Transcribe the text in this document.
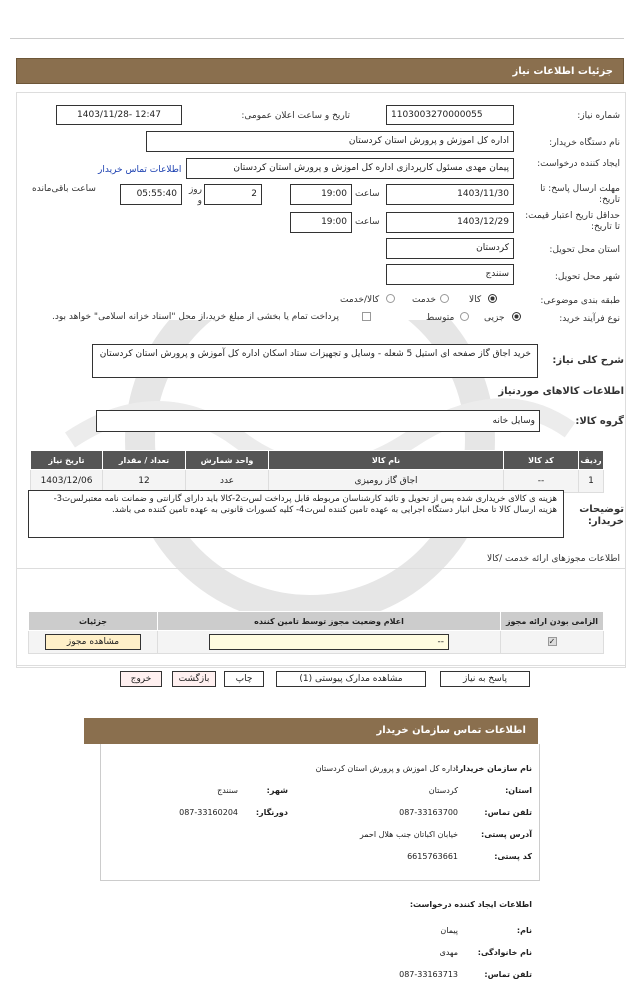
جزئیات اطلاعات نیاز
شماره نیاز:
1103003270000055
تاریخ و ساعت اعلان عمومی:
1403/11/28- 12:47
نام دستگاه خریدار:
اداره کل اموزش و پرورش استان کردستان
ایجاد کننده درخواست:
پیمان مهدی مسئول کارپردازی اداره کل اموزش و پرورش استان کردستان
اطلاعات تماس خریدار
مهلت ارسال پاسخ: تا تاریخ:
1403/11/30
ساعت
19:00
2
روز و
05:55:40
ساعت باقی‌مانده
حداقل تاریخ اعتبار قیمت: تا تاریخ:
1403/12/29
ساعت
19:00
استان محل تحویل:
کردستان
شهر محل تحویل:
سنندج
طبقه بندی موضوعی:
کالا
خدمت
کالا/خدمت
نوع فرآیند خرید:
جزیی
متوسط
پرداخت تمام یا بخشی از مبلغ خرید،از محل "اسناد خزانه اسلامی" خواهد بود.
شرح کلی نیاز:
خرید اجاق گاز صفحه ای استیل 5 شعله - وسایل و تجهیزات ستاد اسکان اداره کل آموزش و پرورش استان کردستان
اطلاعات کالاهای موردنیاز
گروه کالا:
وسایل خانه
ردیف	کد کالا	نام کالا	واحد شمارش	تعداد / مقدار	تاریخ نیاز
1	--	اجاق گاز رومیزی	عدد	12	1403/12/06
توضیحات خریدار:
هزینه ی کالای خریداری شده پس از تحویل و تائید کارشناسان مربوطه قابل پرداخت لس‌ت2-کالا باید دارای گارانتی و ضمانت نامه معتبرلس‌ت3- هزینه ارسال کالا تا محل انبار دستگاه اجرایی به عهده تامین کننده لس‌ت4- کلیه کسورات قانونی به عهده تامین کننده می باشد.
اطلاعات مجوزهای ارائه خدمت /کالا
الزامی بودن ارائه مجوز	اعلام وضعیت مجوز توسط تامین کننده	جزئیات
✓	--	مشاهده مجوز
پاسخ به نیاز
مشاهده مدارک پیوستی (1)
چاپ
بازگشت
خروج
اطلاعات تماس سازمان خریدار
نام سازمان خریدار:
اداره کل اموزش و پرورش استان کردستان
استان:
کردستان
شهر:
سنندج
تلفن تماس:
087-33163700
دورنگار:
087-33160204
آدرس پستی:
خیابان اکباتان جنب هلال احمر
کد پستی:
6615763661
اطلاعات ایجاد کننده درخواست:
نام:
پیمان
نام خانوادگی:
مهدی
تلفن تماس:
087-33163713
